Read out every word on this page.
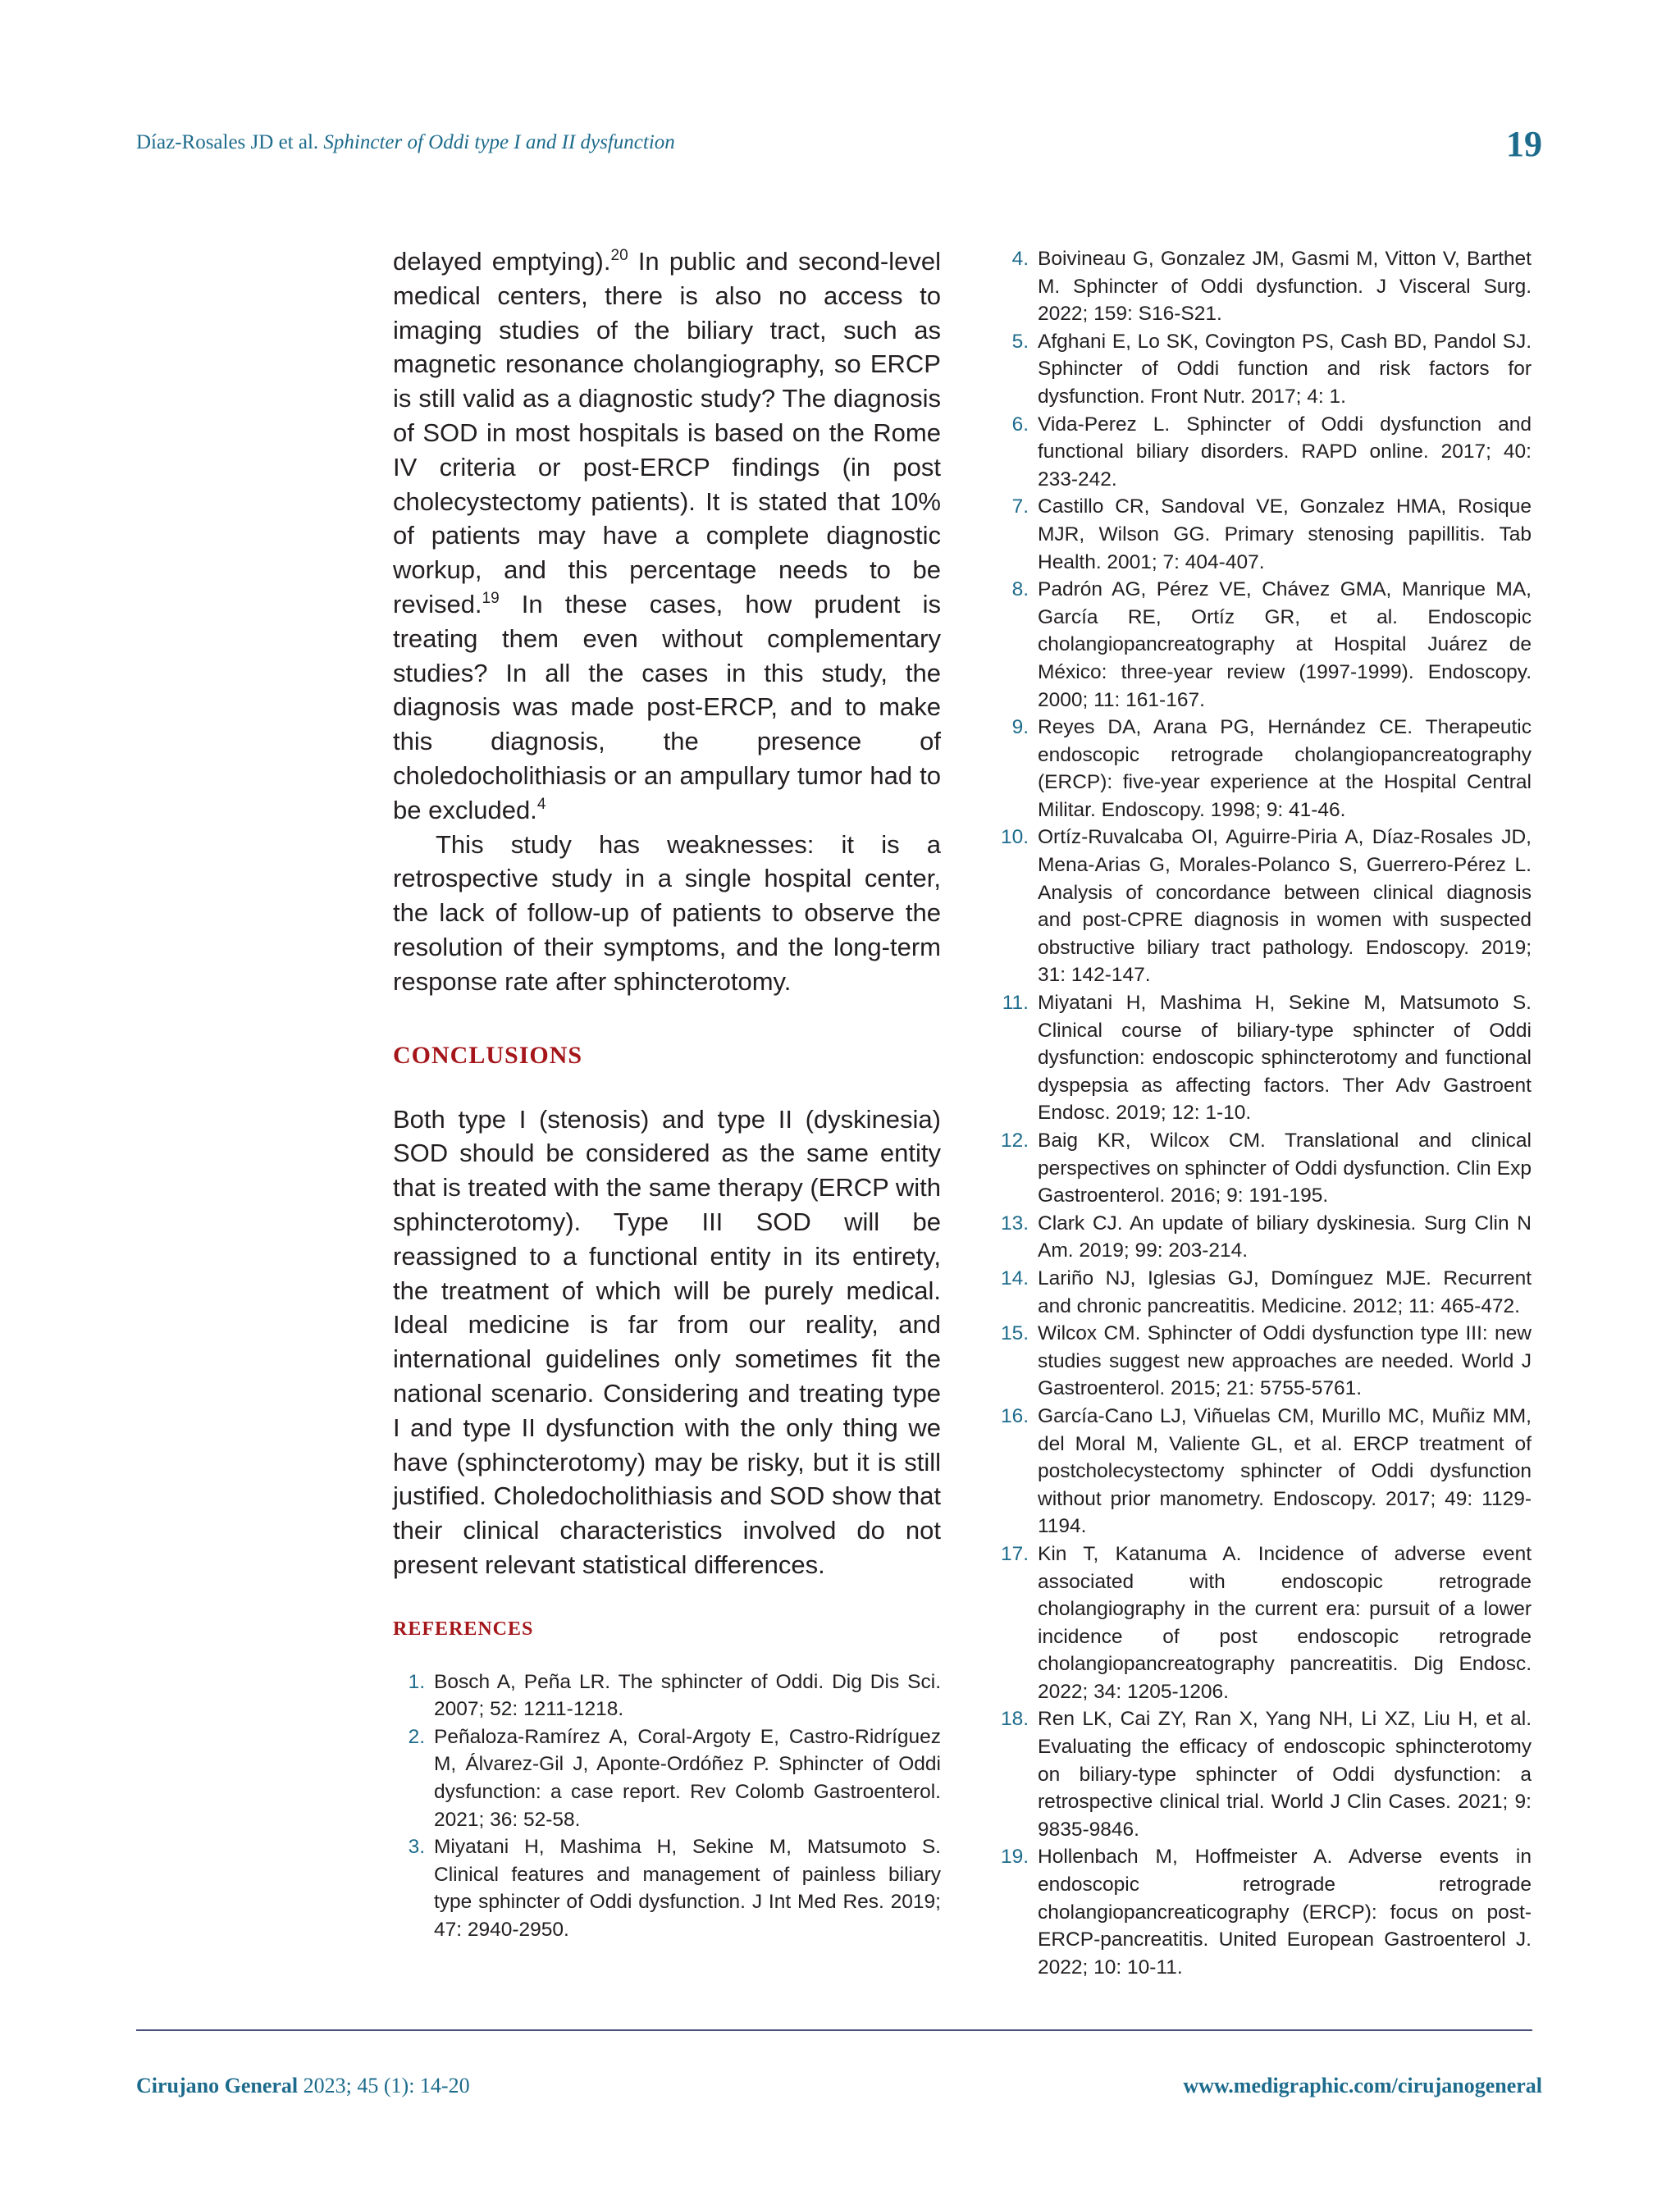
Díaz-Rosales JD et al. Sphincter of Oddi type I and II dysfunction	19

delayed emptying).$^{20}$ In public and second-level medical centers, there is also no access to imaging studies of the biliary tract, such as magnetic resonance cholangiography, so ERCP is still valid as a diagnostic study? The diagnosis of SOD in most hospitals is based on the Rome IV criteria or post-ERCP findings (in post cholecystectomy patients). It is stated that 10% of patients may have a complete diagnostic workup, and this percentage needs to be revised.$^{19}$ In these cases, how prudent is treating them even without complementary studies? In all the cases in this study, the diagnosis was made post-ERCP, and to make this diagnosis, the presence of choledocholithiasis or an ampullary tumor had to be excluded.$^4$

This study has weaknesses: it is a retrospective study in a single hospital center, the lack of follow-up of patients to observe the resolution of their symptoms, and the long-term response rate after sphincterotomy.

CONCLUSIONS

Both type I (stenosis) and type II (dyskinesia) SOD should be considered as the same entity that is treated with the same therapy (ERCP with sphincterotomy). Type III SOD will be reassigned to a functional entity in its entirety, the treatment of which will be purely medical. Ideal medicine is far from our reality, and international guidelines only sometimes fit the national scenario. Considering and treating type I and type II dysfunction with the only thing we have (sphincterotomy) may be risky, but it is still justified. Choledocholithiasis and SOD show that their clinical characteristics involved do not present relevant statistical differences.

REFERENCES
1. Bosch A, Peña LR. The sphincter of Oddi. Dig Dis Sci. 2007; 52: 1211-1218.
2. Peñaloza-Ramírez A, Coral-Argoty E, Castro-Ridríguez M, Álvarez-Gil J, Aponte-Ordóñez P. Sphincter of Oddi dysfunction: a case report. Rev Colomb Gastroenterol. 2021; 36: 52-58.
3. Miyatani H, Mashima H, Sekine M, Matsumoto S. Clinical features and management of painless biliary type sphincter of Oddi dysfunction. J Int Med Res. 2019; 47: 2940-2950.
4. Boivineau G, Gonzalez JM, Gasmi M, Vitton V, Barthet M. Sphincter of Oddi dysfunction. J Visceral Surg. 2022; 159: S16-S21.
5. Afghani E, Lo SK, Covington PS, Cash BD, Pandol SJ. Sphincter of Oddi function and risk factors for dysfunction. Front Nutr. 2017; 4: 1.
6. Vida-Perez L. Sphincter of Oddi dysfunction and functional biliary disorders. RAPD online. 2017; 40: 233-242.
7. Castillo CR, Sandoval VE, Gonzalez HMA, Rosique MJR, Wilson GG. Primary stenosing papillitis. Tab Health. 2001; 7: 404-407.
8. Padrón AG, Pérez VE, Chávez GMA, Manrique MA, García RE, Ortíz GR, et al. Endoscopic cholangiopancreatography at Hospital Juárez de México: three-year review (1997-1999). Endoscopy. 2000; 11: 161-167.
9. Reyes DA, Arana PG, Hernández CE. Therapeutic endoscopic retrograde cholangiopancreatography (ERCP): five-year experience at the Hospital Central Militar. Endoscopy. 1998; 9: 41-46.
10. Ortíz-Ruvalcaba OI, Aguirre-Piria A, Díaz-Rosales JD, Mena-Arias G, Morales-Polanco S, Guerrero-Pérez L. Analysis of concordance between clinical diagnosis and post-CPRE diagnosis in women with suspected obstructive biliary tract pathology. Endoscopy. 2019; 31: 142-147.
11. Miyatani H, Mashima H, Sekine M, Matsumoto S. Clinical course of biliary-type sphincter of Oddi dysfunction: endoscopic sphincterotomy and functional dyspepsia as affecting factors. Ther Adv Gastroent Endosc. 2019; 12: 1-10.
12. Baig KR, Wilcox CM. Translational and clinical perspectives on sphincter of Oddi dysfunction. Clin Exp Gastroenterol. 2016; 9: 191-195.
13. Clark CJ. An update of biliary dyskinesia. Surg Clin N Am. 2019; 99: 203-214.
14. Lariño NJ, Iglesias GJ, Domínguez MJE. Recurrent and chronic pancreatitis. Medicine. 2012; 11: 465-472.
15. Wilcox CM. Sphincter of Oddi dysfunction type III: new studies suggest new approaches are needed. World J Gastroenterol. 2015; 21: 5755-5761.
16. García-Cano LJ, Viñuelas CM, Murillo MC, Muñiz MM, del Moral M, Valiente GL, et al. ERCP treatment of postcholecystectomy sphincter of Oddi dysfunction without prior manometry. Endoscopy. 2017; 49: 1129-1194.
17. Kin T, Katanuma A. Incidence of adverse event associated with endoscopic retrograde cholangiography in the current era: pursuit of a lower incidence of post endoscopic retrograde cholangiopancreatography pancreatitis. Dig Endosc. 2022; 34: 1205-1206.
18. Ren LK, Cai ZY, Ran X, Yang NH, Li XZ, Liu H, et al. Evaluating the efficacy of endoscopic sphincterotomy on biliary-type sphincter of Oddi dysfunction: a retrospective clinical trial. World J Clin Cases. 2021; 9: 9835-9846.
19. Hollenbach M, Hoffmeister A. Adverse events in endoscopic retrograde retrograde cholangiopancreaticography (ERCP): focus on post-ERCP-pancreatitis. United European Gastroenterol J. 2022; 10: 10-11.
Cirujano General 2023; 45 (1): 14-20	www.medigraphic.com/cirujanogeneral
